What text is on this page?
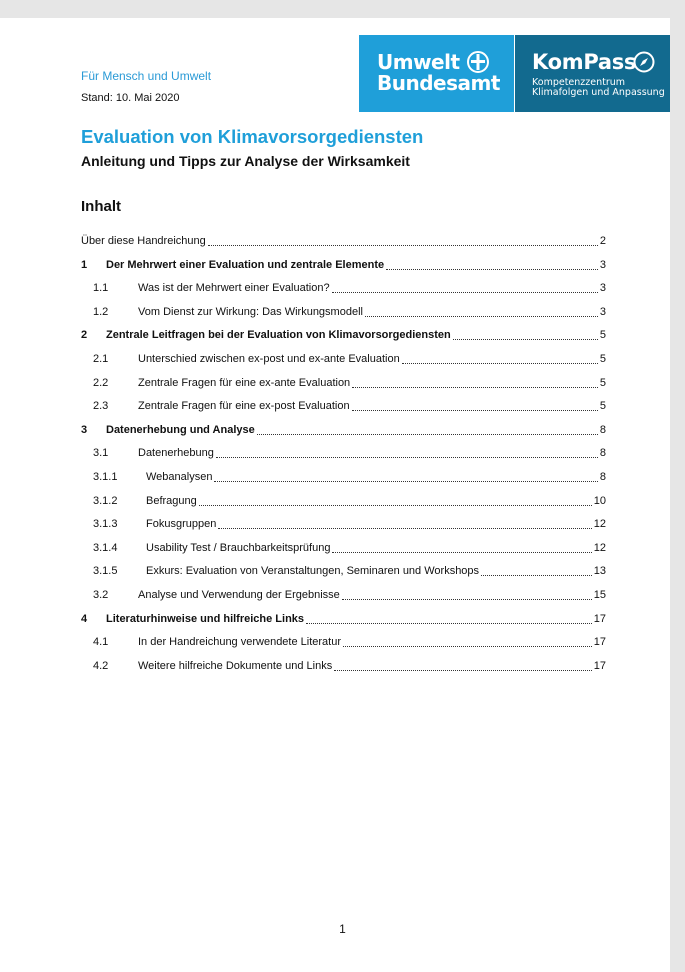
Umwelt
Bundesamt
KomPass
Kompetenzzentrum
Klimafolgen und Anpassung
Für Mensch und Umwelt
Stand: 10. Mai 2020
Evaluation von Klimavorsorgediensten
Anleitung und Tipps zur Analyse der Wirksamkeit
Inhalt
Über diese Handreichung	2
1	Der Mehrwert einer Evaluation und zentrale Elemente	3
1.1	Was ist der Mehrwert einer Evaluation?	3
1.2	Vom Dienst zur Wirkung: Das Wirkungsmodell	3
2	Zentrale Leitfragen bei der Evaluation von Klimavorsorgediensten	5
2.1	Unterschied zwischen ex-post und ex-ante Evaluation	5
2.2	Zentrale Fragen für eine ex-ante Evaluation	5
2.3	Zentrale Fragen für eine ex-post Evaluation	5
3	Datenerhebung und Analyse	8
3.1	Datenerhebung	8
3.1.1	Webanalysen	8
3.1.2	Befragung	10
3.1.3	Fokusgruppen	12
3.1.4	Usability Test / Brauchbarkeitsprüfung	12
3.1.5	Exkurs: Evaluation von Veranstaltungen, Seminaren und Workshops	13
3.2	Analyse und Verwendung der Ergebnisse	15
4	Literaturhinweise und hilfreiche Links	17
4.1	In der Handreichung verwendete Literatur	17
4.2	Weitere hilfreiche Dokumente und Links	17
1
